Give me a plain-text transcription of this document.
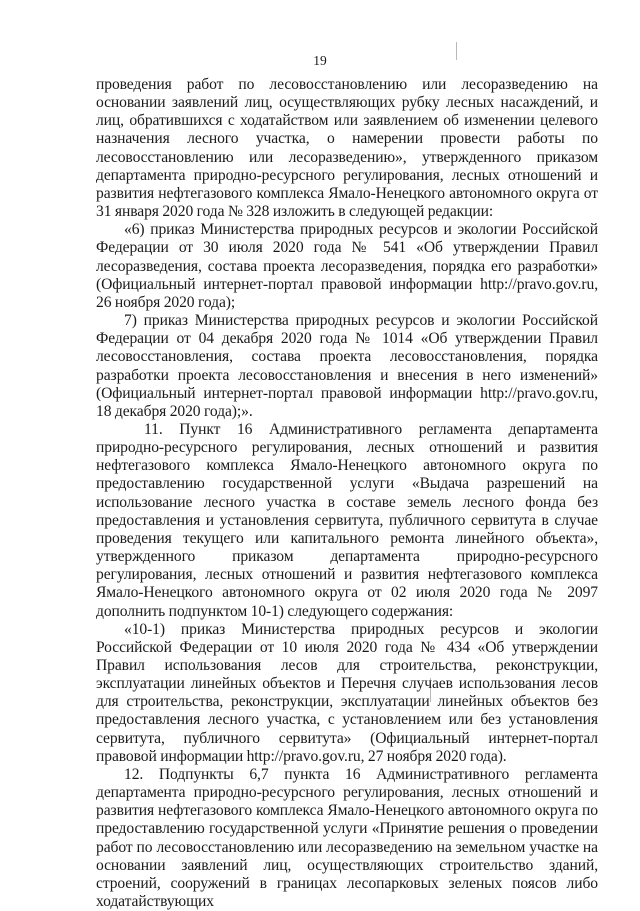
19

проведения работ по лесовосстановлению или лесоразведению на основании заявлений лиц, осуществляющих рубку лесных насаждений, и лиц, обратившихся с ходатайством или заявлением об изменении целевого назначения лесного участка, о намерении провести работы по лесовосстановлению или лесоразведению», утвержденного приказом департамента природно-ресурсного регулирования, лесных отношений и развития нефтегазового комплекса Ямало-Ненецкого автономного округа от 31 января 2020 года № 328 изложить в следующей редакции:

«6) приказ Министерства природных ресурсов и экологии Российской Федерации от 30 июля 2020 года № 541 «Об утверждении Правил лесоразведения, состава проекта лесоразведения, порядка его разработки» (Официальный интернет-портал правовой информации http://pravo.gov.ru, 26 ноября 2020 года);

7) приказ Министерства природных ресурсов и экологии Российской Федерации от 04 декабря 2020 года № 1014 «Об утверждении Правил лесовосстановления, состава проекта лесовосстановления, порядка разработки проекта лесовосстановления и внесения в него изменений» (Официальный интернет-портал правовой информации http://pravo.gov.ru, 18 декабря 2020 года);».

11. Пункт 16 Административного регламента департамента природно-ресурсного регулирования, лесных отношений и развития нефтегазового комплекса Ямало-Ненецкого автономного округа по предоставлению государственной услуги «Выдача разрешений на использование лесного участка в составе земель лесного фонда без предоставления и установления сервитута, публичного сервитута в случае проведения текущего или капитального ремонта линейного объекта», утвержденного приказом департамента природно-ресурсного регулирования, лесных отношений и развития нефтегазового комплекса Ямало-Ненецкого автономного округа от 02 июля 2020 года № 2097 дополнить подпунктом 10-1) следующего содержания:

«10-1) приказ Министерства природных ресурсов и экологии Российской Федерации от 10 июля 2020 года № 434 «Об утверждении Правил использования лесов для строительства, реконструкции, эксплуатации линейных объектов и Перечня случаев использования лесов для строительства, реконструкции, эксплуатации линейных объектов без предоставления лесного участка, с установлением или без установления сервитута, публичного сервитута» (Официальный интернет-портал правовой информации http://pravo.gov.ru, 27 ноября 2020 года).

12. Подпункты 6,7 пункта 16 Административного регламента департамента природно-ресурсного регулирования, лесных отношений и развития нефтегазового комплекса Ямало-Ненецкого автономного округа по предоставлению государственной услуги «Принятие решения о проведении работ по лесовосстановлению или лесоразведению на земельном участке на основании заявлений лиц, осуществляющих строительство зданий, строений, сооружений в границах лесопарковых зеленых поясов либо ходатайствующих
